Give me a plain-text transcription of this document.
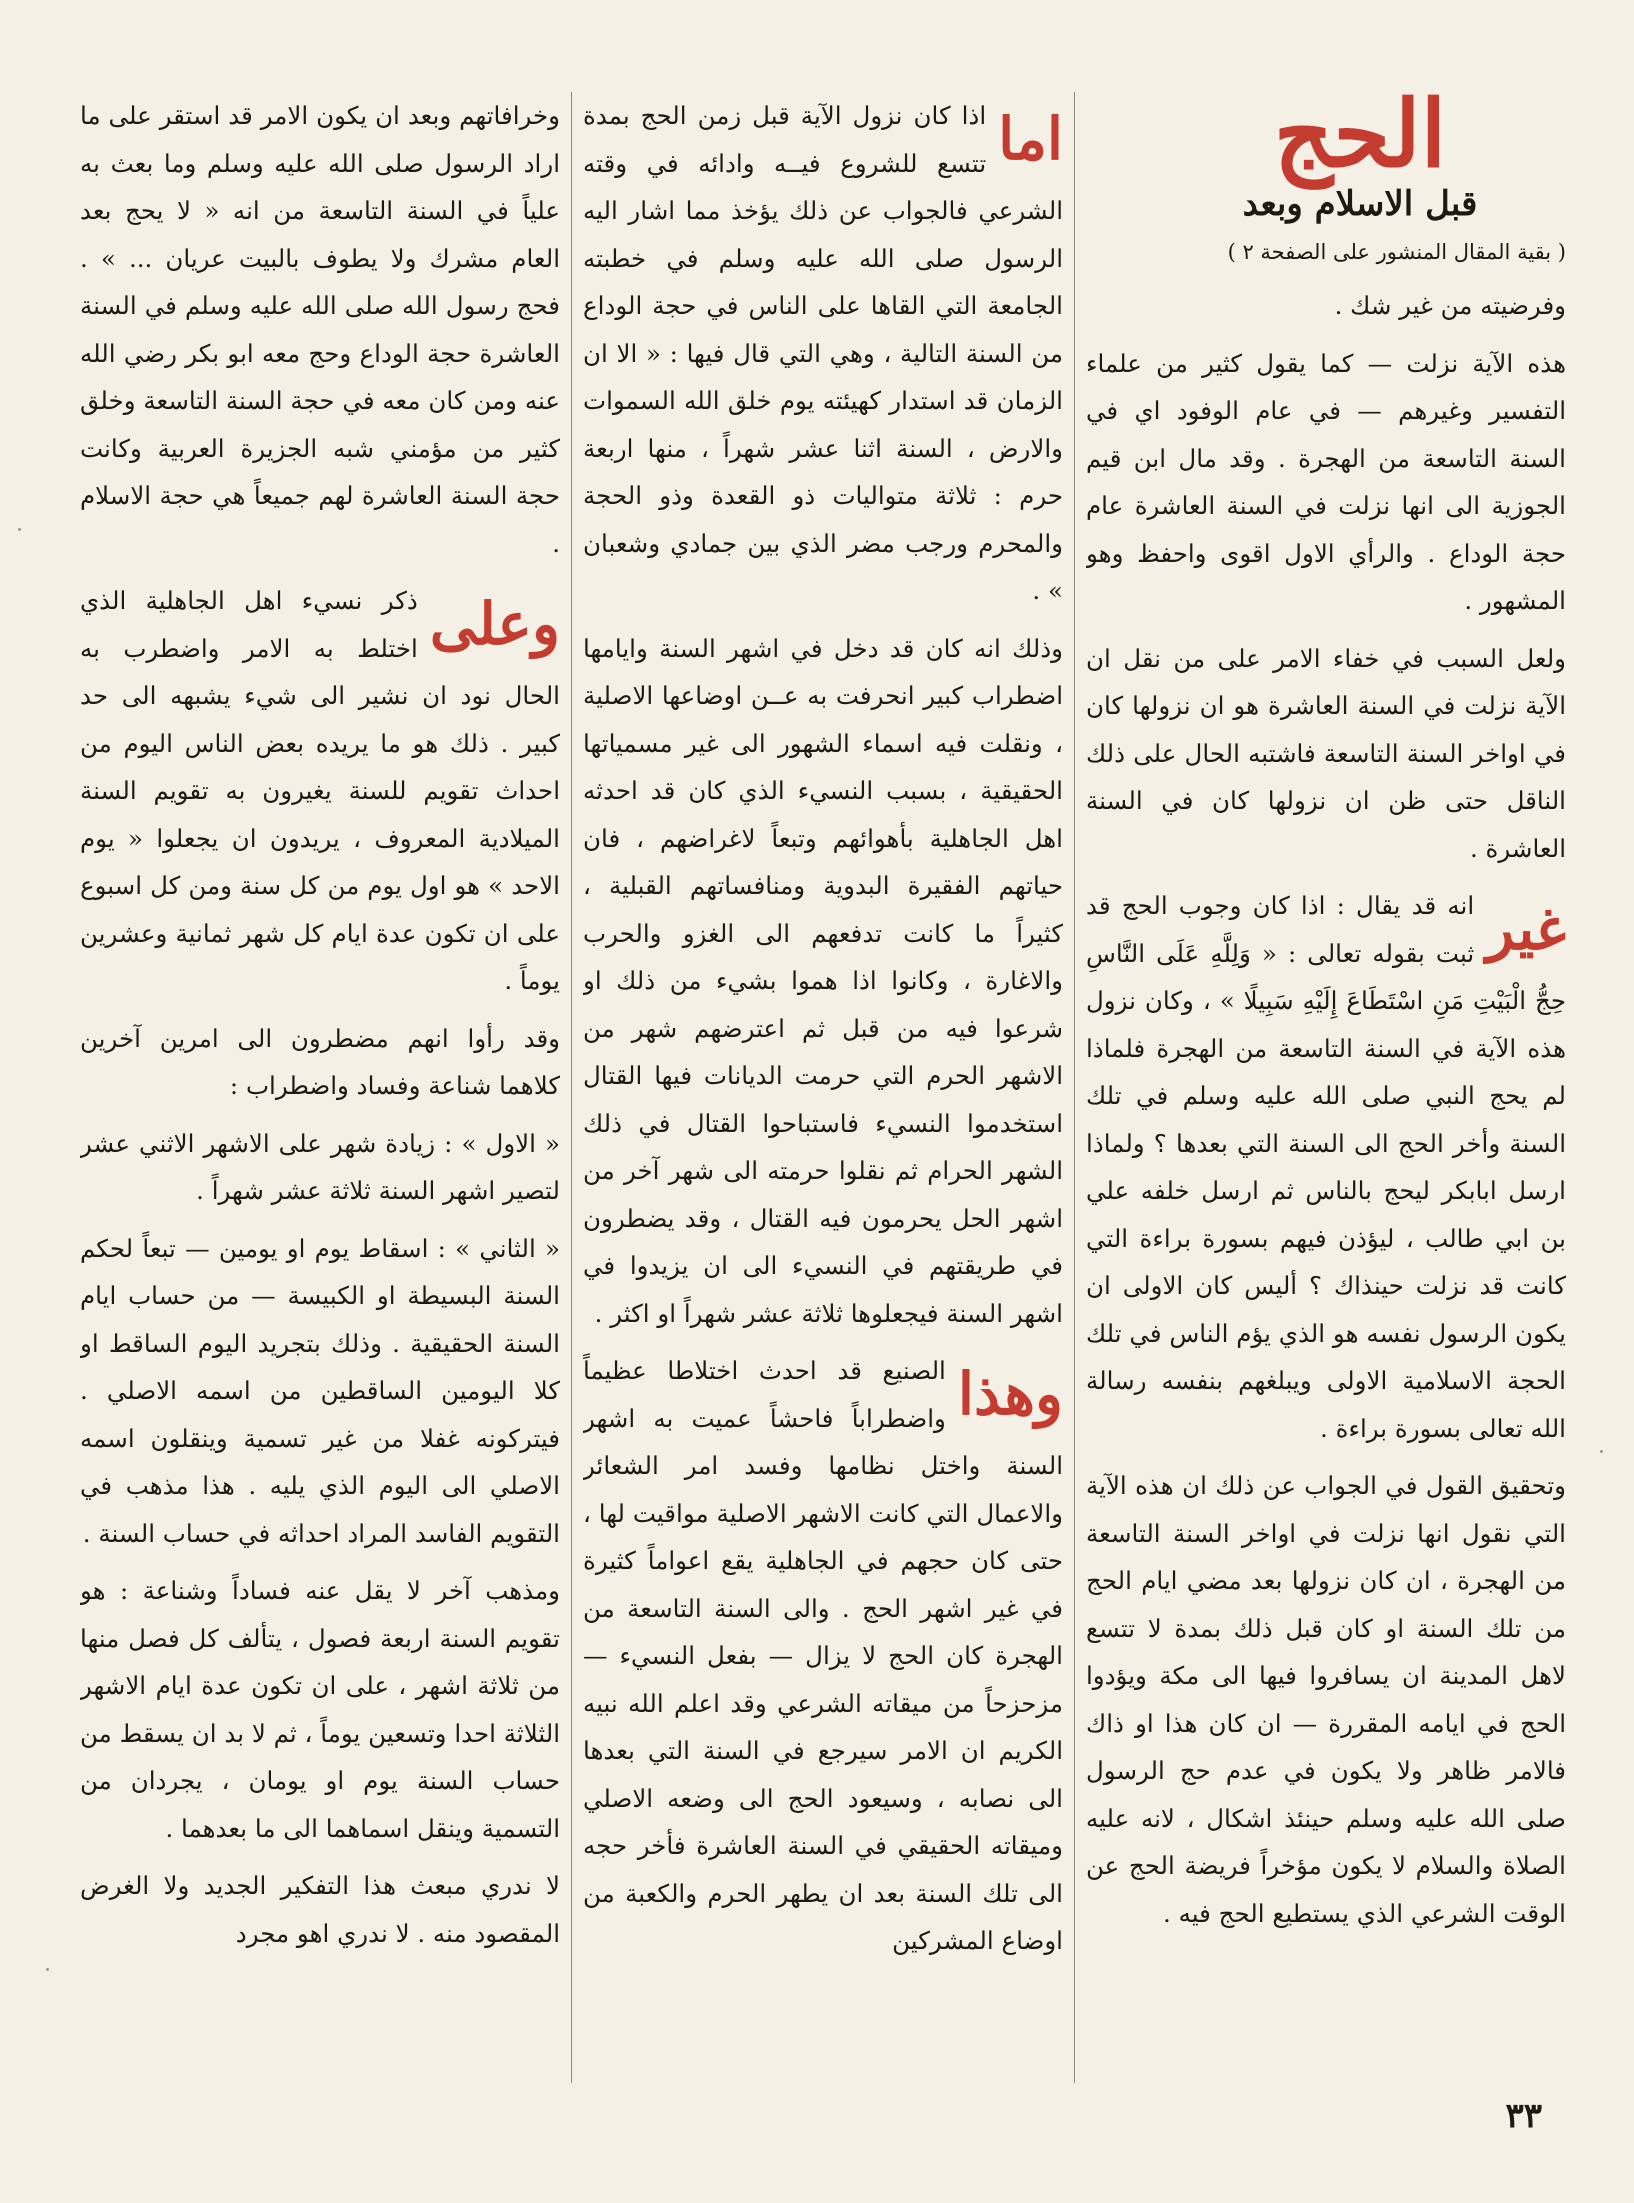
الحج
قبل الاسلام وبعد
( بقية المقال المنشور على الصفحة ٢ )

وفرضيته من غير شك .

هذه الآية نزلت — كما يقول كثير من علماء التفسير وغيرهم — في عام الوفود اي في السنة التاسعة من الهجرة . وقد مال ابن قيم الجوزية الى انها نزلت في السنة العاشرة عام حجة الوداع . والرأي الاول اقوى واحفظ وهو المشهور .

ولعل السبب في خفاء الامر على من نقل ان الآية نزلت في السنة العاشرة هو ان نزولها كان في اواخر السنة التاسعة فاشتبه الحال على ذلك الناقل حتى ظن ان نزولها كان في السنة العاشرة .

غير
انه قد يقال : اذا كان وجوب الحج قد ثبت بقوله تعالى : « وَلِلَّهِ عَلَى النَّاسِ حِجُّ الْبَيْتِ مَنِ اسْتَطَاعَ إِلَيْهِ سَبِيلًا » ، وكان نزول هذه الآية في السنة التاسعة من الهجرة فلماذا لم يحج النبي صلى الله عليه وسلم في تلك السنة وأخر الحج الى السنة التي بعدها ؟ ولماذا ارسل ابابكر ليحج بالناس ثم ارسل خلفه علي بن ابي طالب ، ليؤذن فيهم بسورة براءة التي كانت قد نزلت حينذاك ؟ أليس كان الاولى ان يكون الرسول نفسه هو الذي يؤم الناس في تلك الحجة الاسلامية الاولى ويبلغهم بنفسه رسالة الله تعالى بسورة براءة .

وتحقيق القول في الجواب عن ذلك ان هذه الآية التي نقول انها نزلت في اواخر السنة التاسعة من الهجرة ، ان كان نزولها بعد مضي ايام الحج من تلك السنة او كان قبل ذلك بمدة لا تتسع لاهل المدينة ان يسافروا فيها الى مكة ويؤدوا الحج في ايامه المقررة — ان كان هذا او ذاك فالامر ظاهر ولا يكون في عدم حج الرسول صلى الله عليه وسلم حينئذ اشكال ، لانه عليه الصلاة والسلام لا يكون مؤخراً فريضة الحج عن الوقت الشرعي الذي يستطيع الحج فيه .

اما
اذا كان نزول الآية قبل زمن الحج بمدة تتسع للشروع فيــه وادائه في وقته الشرعي فالجواب عن ذلك يؤخذ مما اشار اليه الرسول صلى الله عليه وسلم في خطبته الجامعة التي القاها على الناس في حجة الوداع من السنة التالية ، وهي التي قال فيها : « الا ان الزمان قد استدار كهيئته يوم خلق الله السموات والارض ، السنة اثنا عشر شهراً ، منها اربعة حرم : ثلاثة متواليات ذو القعدة وذو الحجة والمحرم ورجب مضر الذي بين جمادي وشعبان » .

وذلك انه كان قد دخل في اشهر السنة وايامها اضطراب كبير انحرفت به عــن اوضاعها الاصلية ، ونقلت فيه اسماء الشهور الى غير مسمياتها الحقيقية ، بسبب النسيء الذي كان قد احدثه اهل الجاهلية بأهوائهم وتبعاً لاغراضهم ، فان حياتهم الفقيرة البدوية ومنافساتهم القبلية ، كثيراً ما كانت تدفعهم الى الغزو والحرب والاغارة ، وكانوا اذا هموا بشيء من ذلك او شرعوا فيه من قبل ثم اعترضهم شهر من الاشهر الحرم التي حرمت الديانات فيها القتال استخدموا النسيء فاستباحوا القتال في ذلك الشهر الحرام ثم نقلوا حرمته الى شهر آخر من اشهر الحل يحرمون فيه القتال ، وقد يضطرون في طريقتهم في النسيء الى ان يزيدوا في اشهر السنة فيجعلوها ثلاثة عشر شهراً او اكثر .

وهذا
الصنيع قد احدث اختلاطا عظيماً واضطراباً فاحشاً عميت به اشهر السنة واختل نظامها وفسد امر الشعائر والاعمال التي كانت الاشهر الاصلية مواقيت لها ، حتى كان حجهم في الجاهلية يقع اعواماً كثيرة في غير اشهر الحج . والى السنة التاسعة من الهجرة كان الحج لا يزال — بفعل النسيء — مزحزحاً من ميقاته الشرعي وقد اعلم الله نبيه الكريم ان الامر سيرجع في السنة التي بعدها الى نصابه ، وسيعود الحج الى وضعه الاصلي وميقاته الحقيقي في السنة العاشرة فأخر حجه الى تلك السنة بعد ان يطهر الحرم والكعبة من اوضاع المشركين

وخرافاتهم وبعد ان يكون الامر قد استقر على ما اراد الرسول صلى الله عليه وسلم وما بعث به علياً في السنة التاسعة من انه « لا يحج بعد العام مشرك ولا يطوف بالبيت عريان ... » . فحج رسول الله صلى الله عليه وسلم في السنة العاشرة حجة الوداع وحج معه ابو بكر رضي الله عنه ومن كان معه في حجة السنة التاسعة وخلق كثير من مؤمني شبه الجزيرة العربية وكانت حجة السنة العاشرة لهم جميعاً هي حجة الاسلام .

وعلى
ذكر نسيء اهل الجاهلية الذي اختلط به الامر واضطرب به الحال نود ان نشير الى شيء يشبهه الى حد كبير . ذلك هو ما يريده بعض الناس اليوم من احداث تقويم للسنة يغيرون به تقويم السنة الميلادية المعروف ، يريدون ان يجعلوا « يوم الاحد » هو اول يوم من كل سنة ومن كل اسبوع على ان تكون عدة ايام كل شهر ثمانية وعشرين يوماً .

وقد رأوا انهم مضطرون الى امرين آخرين كلاهما شناعة وفساد واضطراب :

« الاول » : زيادة شهر على الاشهر الاثني عشر لتصير اشهر السنة ثلاثة عشر شهراً .

« الثاني » : اسقاط يوم او يومين — تبعاً لحكم السنة البسيطة او الكبيسة — من حساب ايام السنة الحقيقية . وذلك بتجريد اليوم الساقط او كلا اليومين الساقطين من اسمه الاصلي . فيتركونه غفلا من غير تسمية وينقلون اسمه الاصلي الى اليوم الذي يليه . هذا مذهب في التقويم الفاسد المراد احداثه في حساب السنة .

ومذهب آخر لا يقل عنه فساداً وشناعة : هو تقويم السنة اربعة فصول ، يتألف كل فصل منها من ثلاثة اشهر ، على ان تكون عدة ايام الاشهر الثلاثة احدا وتسعين يوماً ، ثم لا بد ان يسقط من حساب السنة يوم او يومان ، يجردان من التسمية وينقل اسماهما الى ما بعدهما .

لا ندري مبعث هذا التفكير الجديد ولا الغرض المقصود منه . لا ندري اهو مجرد

٣٣
